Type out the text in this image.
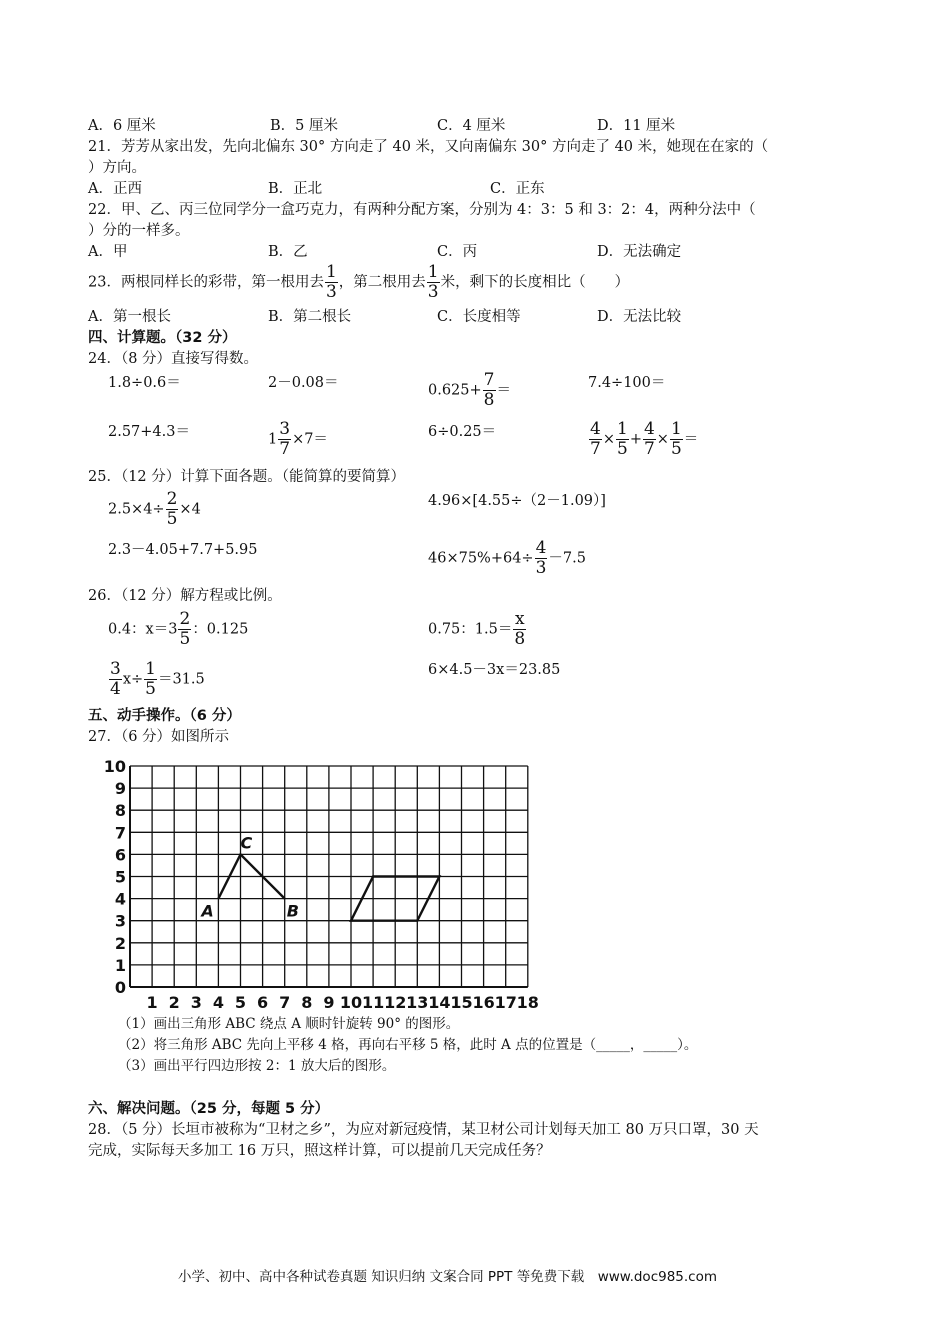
A．6 厘米	B．5 厘米	C．4 厘米	D．11 厘米
21．芳芳从家出发，先向北偏东 30° 方向走了 40 米，又向南偏东 30° 方向走了 40 米，她现在在家的（
）方向。
A．正西	B．正北	C．正东
22．甲、乙、丙三位同学分一盒巧克力，有两种分配方案，分别为 4：3：5 和 3：2：4，两种分法中（
）分的一样多。
A．甲	B．乙	C．丙	D．无法确定
23．两根同样长的彩带，第一根用去 $\frac{1}{3}$ ，第二根用去 $\frac{1}{3}$ 米，剩下的长度相比（　　）
A．第一根长	B．第二根长	C．长度相等	D．无法比较
四、计算题。（32 分）
24．（8 分）直接写得数。
1.8÷0.6＝	2－0.08＝	$0.625+ \frac{7}{8}$ ＝	7.4÷100＝
2.57+4.3＝	$1 \frac{3}{7} \times 7=$	6÷0.25＝	$\frac{4}{7} \times \frac{1}{5} + \frac{4}{7} \times \frac{1}{5}$ ＝
25．（12 分）计算下面各题。（能简算的要简算）
$2.5\times 4\div \frac{2}{5} \times 4$
4.96×[4.55÷（2－1.09）]
2.3－4.05+7.7+5.95
$46\times 75\%+64\div \frac{4}{3} -7.5$
26．（12 分）解方程或比例。
0.4：$x=3 \frac{2}{5}$ ：0.125	0.75：$1.5= \frac{x}{8}$
$\frac{3}{4} x\div \frac{1}{5} =31.5$
6×4.5－3x＝23.85
五、动手操作。（6 分）
27．（6 分）如图所示
1 2 3 4 5 6 7 8 9 10 11 12 13 14 15 16 17 18
0
1
2
3
4
5
6
7
8
9
10
A	B
C
（1）画出三角形 ABC 绕点 A 顺时针旋转 90° 的图形。
（2）将三角形 ABC 先向上平移 4 格，再向右平移 5 格，此时 A 点的位置是（_____，_____）。
（3）画出平行四边形按 2：1 放大后的图形。
六、解决问题。（25 分，每题 5 分）
28．（5 分）长垣市被称为“卫材之乡”，为应对新冠疫情，某卫材公司计划每天加工 80 万只口罩，30 天
完成，实际每天多加工 16 万只，照这样计算，可以提前几天完成任务？
小学、初中、高中各种试卷真题 知识归纳 文案合同 PPT 等免费下载　www.doc985.com
